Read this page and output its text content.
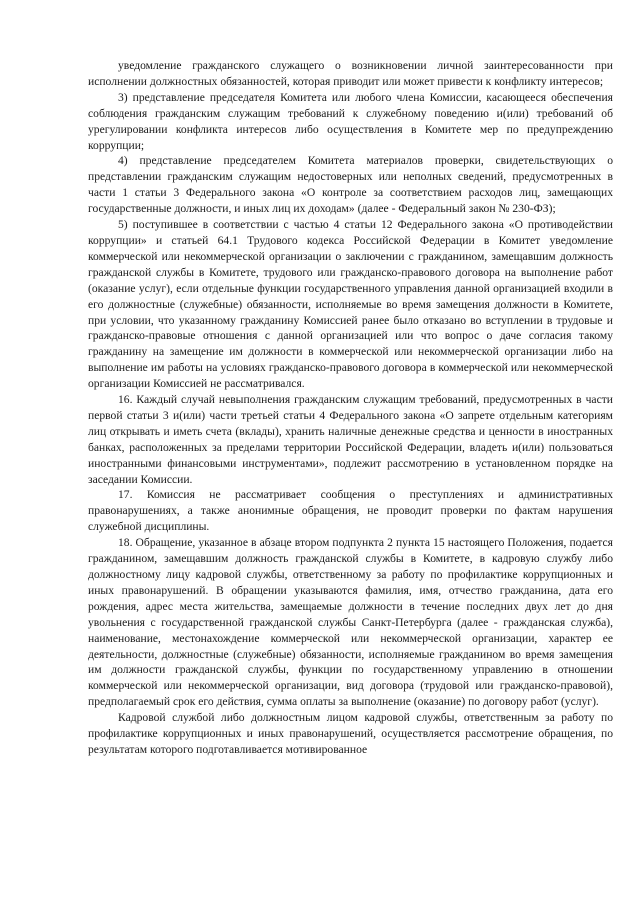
уведомление гражданского служащего о возникновении личной заинтересованности при исполнении должностных обязанностей, которая приводит или может привести к конфликту интересов;

3) представление председателя Комитета или любого члена Комиссии, касающееся обеспечения соблюдения гражданским служащим требований к служебному поведению и(или) требований об урегулировании конфликта интересов либо осуществления в Комитете мер по предупреждению коррупции;

4) представление председателем Комитета материалов проверки, свидетельствующих о представлении гражданским служащим недостоверных или неполных сведений, предусмотренных в части 1 статьи 3 Федерального закона «О контроле за соответствием расходов лиц, замещающих государственные должности, и иных лиц их доходам» (далее - Федеральный закон № 230-ФЗ);

5) поступившее в соответствии с частью 4 статьи 12 Федерального закона «О противодействии коррупции» и статьей 64.1 Трудового кодекса Российской Федерации в Комитет уведомление коммерческой или некоммерческой организации о заключении с гражданином, замещавшим должность гражданской службы в Комитете, трудового или гражданско-правового договора на выполнение работ (оказание услуг), если отдельные функции государственного управления данной организацией входили в его должностные (служебные) обязанности, исполняемые во время замещения должности в Комитете, при условии, что указанному гражданину Комиссией ранее было отказано во вступлении в трудовые и гражданско-правовые отношения с данной организацией или что вопрос о даче согласия такому гражданину на замещение им должности в коммерческой или некоммерческой организации либо на выполнение им работы на условиях гражданско-правового договора в коммерческой или некоммерческой организации Комиссией не рассматривался.

16. Каждый случай невыполнения гражданским служащим требований, предусмотренных в части первой статьи 3 и(или) части третьей статьи 4 Федерального закона «О запрете отдельным категориям лиц открывать и иметь счета (вклады), хранить наличные денежные средства и ценности в иностранных банках, расположенных за пределами территории Российской Федерации, владеть и(или) пользоваться иностранными финансовыми инструментами», подлежит рассмотрению в установленном порядке на заседании Комиссии.

17. Комиссия не рассматривает сообщения о преступлениях и административных правонарушениях, а также анонимные обращения, не проводит проверки по фактам нарушения служебной дисциплины.

18. Обращение, указанное в абзаце втором подпункта 2 пункта 15 настоящего Положения, подается гражданином, замещавшим должность гражданской службы в Комитете, в кадровую службу либо должностному лицу кадровой службы, ответственному за работу по профилактике коррупционных и иных правонарушений. В обращении указываются фамилия, имя, отчество гражданина, дата его рождения, адрес места жительства, замещаемые должности в течение последних двух лет до дня увольнения с государственной гражданской службы Санкт-Петербурга (далее - гражданская служба), наименование, местонахождение коммерческой или некоммерческой организации, характер ее деятельности, должностные (служебные) обязанности, исполняемые гражданином во время замещения им должности гражданской службы, функции по государственному управлению в отношении коммерческой или некоммерческой организации, вид договора (трудовой или гражданско-правовой), предполагаемый срок его действия, сумма оплаты за выполнение (оказание) по договору работ (услуг).

Кадровой службой либо должностным лицом кадровой службы, ответственным за работу по профилактике коррупционных и иных правонарушений, осуществляется рассмотрение обращения, по результатам которого подготавливается мотивированное
